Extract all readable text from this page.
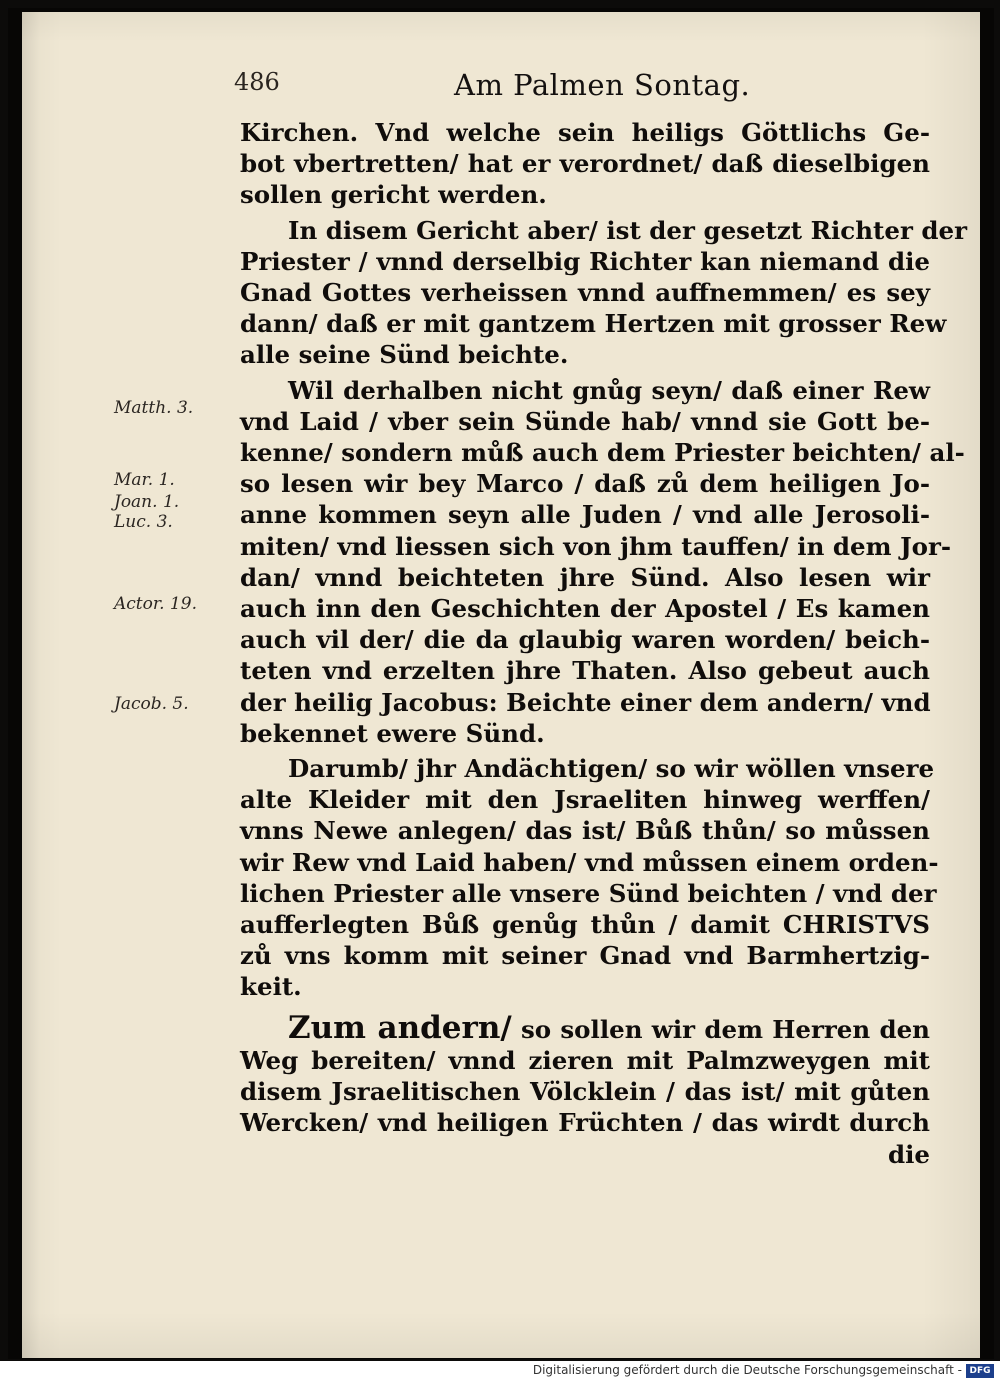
486	Am Palmen Sontag.
Matth. 3.
Mar. 1.
Joan. 1.
Luc. 3.
Actor. 19.
Jacob. 5.
Kirchen. Vnd welche sein heiligs Göttlichs Ge-
bot vbertretten/ hat er verordnet/ daß dieselbigen
sollen gericht werden.
In disem Gericht aber/ ist der gesetzt Richter der
Priester / vnnd derselbig Richter kan niemand die
Gnad Gottes verheissen vnnd auffnemmen/ es sey
dann/ daß er mit gantzem Hertzen mit grosser Rew
alle seine Sünd beichte.
Wil derhalben nicht gnůg seyn/ daß einer Rew
vnd Laid / vber sein Sünde hab/ vnnd sie Gott be-
kenne/ sondern můß auch dem Priester beichten/ al-
so lesen wir bey Marco / daß zů dem heiligen Jo-
anne kommen seyn alle Juden / vnd alle Jerosoli-
miten/ vnd liessen sich von jhm tauffen/ in dem Jor-
dan/ vnnd beichteten jhre Sünd. Also lesen wir
auch inn den Geschichten der Apostel / Es kamen
auch vil der/ die da glaubig waren worden/ beich-
teten vnd erzelten jhre Thaten. Also gebeut auch
der heilig Jacobus: Beichte einer dem andern/ vnd
bekennet ewere Sünd.
Darumb/ jhr Andächtigen/ so wir wöllen vnsere
alte Kleider mit den Jsraeliten hinweg werffen/
vnns Newe anlegen/ das ist/ Bůß thůn/ so můssen
wir Rew vnd Laid haben/ vnd můssen einem orden-
lichen Priester alle vnsere Sünd beichten / vnd der
aufferlegten Bůß genůg thůn / damit CHRISTVS
zů vns komm mit seiner Gnad vnd Barmhertzig-
keit.
Zum andern/ so sollen wir dem Herren den
Weg bereiten/ vnnd zieren mit Palmzweygen mit
disem Jsraelitischen Völcklein / das ist/ mit gůten
Wercken/ vnd heiligen Früchten / das wirdt durch
die
Digitalisierung gefördert durch die Deutsche Forschungsgemeinschaft - DFG
